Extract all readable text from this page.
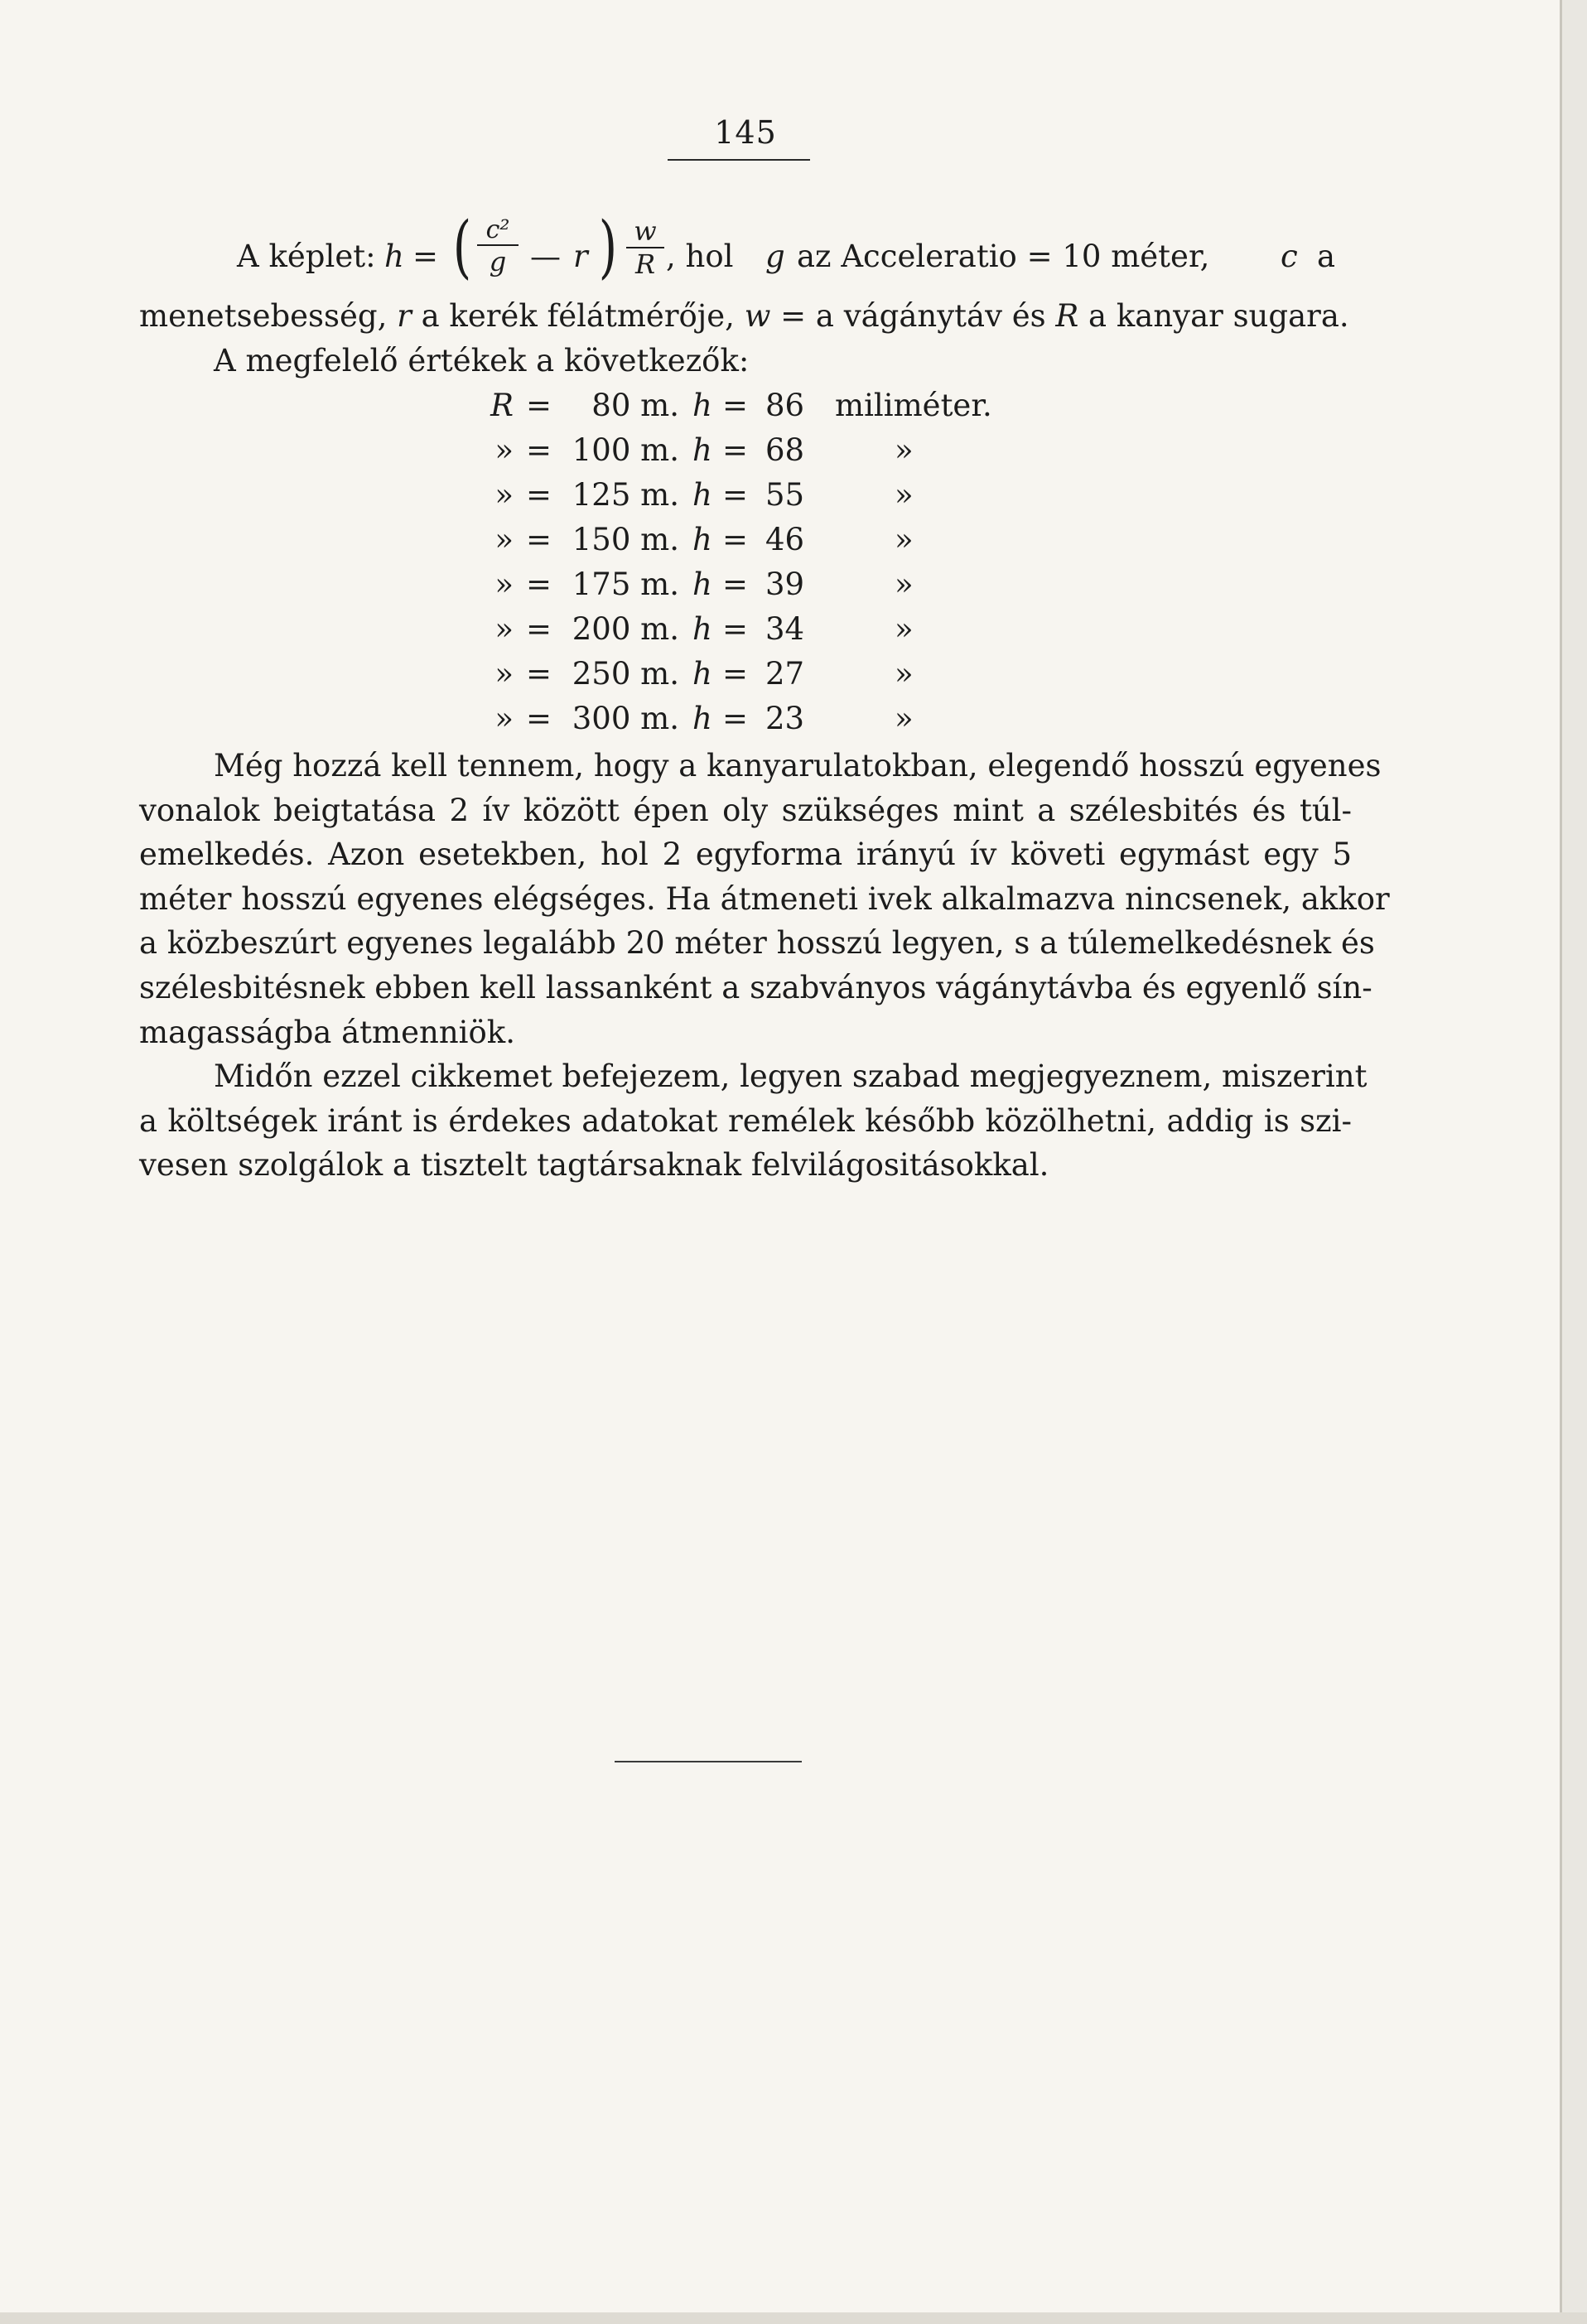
145
A képlet: h = ( c²
g — r ) w
R , hol g az Acceleratio = 10 méter, c a
menetsebesség, r a kerék félátmérője, w = a vágánytáv és R a kanyar sugara.
A megfelelő értékek a következők:
R =	80 m. h = 86 miliméter.
» = 100 m. h = 68	»
» = 125 m. h = 55	»
» = 150 m. h = 46	»
» = 175 m. h = 39	»
» = 200 m. h = 34	»
» = 250 m. h = 27	»
» = 300 m. h = 23	»
Még hozzá kell tennem, hogy a kanyarulatokban, elegendő hosszú egyenes
vonalok beigtatása 2 ív között épen oly szükséges mint a szélesbités és túl-
emelkedés. Azon esetekben, hol 2 egyforma irányú ív követi egymást egy 5
méter hosszú egyenes elégséges. Ha átmeneti ivek alkalmazva nincsenek, akkor
a közbeszúrt egyenes legalább 20 méter hosszú legyen, s a túlemelkedésnek és
szélesbitésnek ebben kell lassanként a szabványos vágánytávba és egyenlő sín-
magasságba átmenniök.
Midőn ezzel cikkemet befejezem, legyen szabad megjegyeznem, miszerint
a költségek iránt is érdekes adatokat remélek később közölhetni, addig is szi-
vesen szolgálok a tisztelt tagtársaknak felvilágositásokkal.
